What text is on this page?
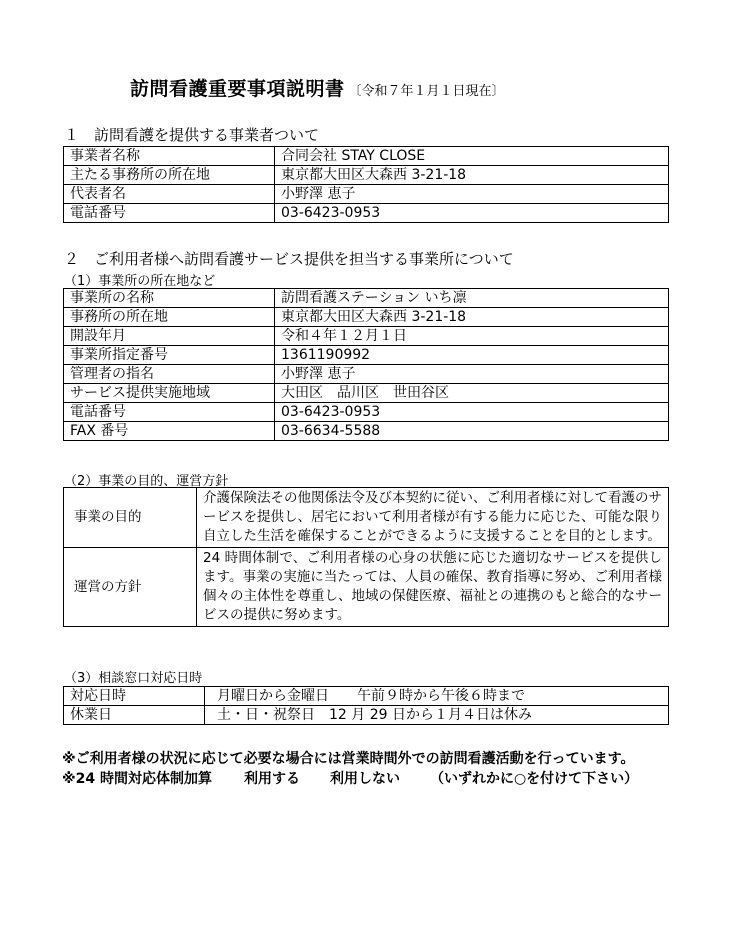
訪問看護重要事項説明書 〔令和７年１月１日現在〕
１　訪問看護を提供する事業者ついて
事業者名称	合同会社 STAY CLOSE
主たる事務所の所在地	東京都大田区大森西 3-21-18
代表者名	小野澤 恵子
電話番号	03-6423-0953
２　ご利用者様へ訪問看護サービス提供を担当する事業所について
（1）事業所の所在地など
事業所の名称	訪問看護ステーション いち凛
事務所の所在地	東京都大田区大森西 3-21-18
開設年月	令和４年１２月１日
事業所指定番号	1361190992
管理者の指名	小野澤 恵子
サービス提供実施地域	大田区　品川区　世田谷区
電話番号	03-6423-0953
FAX 番号	03-6634-5588
（2）事業の目的、運営方針
事業の目的	介護保険法その他関係法令及び本契約に従い、ご利用者様に対して看護のサービスを提供し、居宅において利用者様が有する能力に応じた、可能な限り自立した生活を確保することができるように支援することを目的とします。
運営の方針	24 時間体制で、ご利用者様の心身の状態に応じた適切なサービスを提供します。事業の実施に当たっては、人員の確保、教育指導に努め、ご利用者様個々の主体性を尊重し、地域の保健医療、福祉との連携のもと総合的なサービスの提供に努めます。
（3）相談窓口対応日時
対応日時	月曜日から金曜日　　午前９時から午後６時まで
休業日	土・日・祝祭日　12 月 29 日から１月４日は休み
※ご利用者様の状況に応じて必要な場合には営業時間外での訪問看護活動を行っています。
※24 時間対応体制加算 利用する 利用しない （いずれかに○を付けて下さい）
